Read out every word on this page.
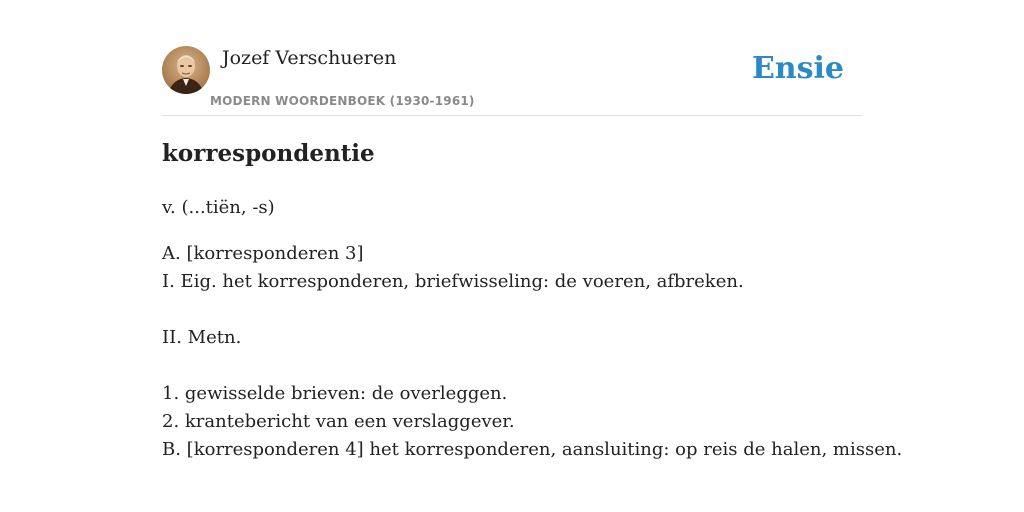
Jozef Verschueren
MODERN WOORDENBOEK (1930-1961)
Ensie
korrespondentie

v. (...tiën, -s)

A. [korresponderen 3]

I. Eig. het korresponderen, briefwisseling: de voeren, afbreken.

II. Metn.

1. gewisselde brieven: de overleggen.

2. krantebericht van een verslaggever.

B. [korresponderen 4] het korresponderen, aansluiting: op reis de halen, missen.
